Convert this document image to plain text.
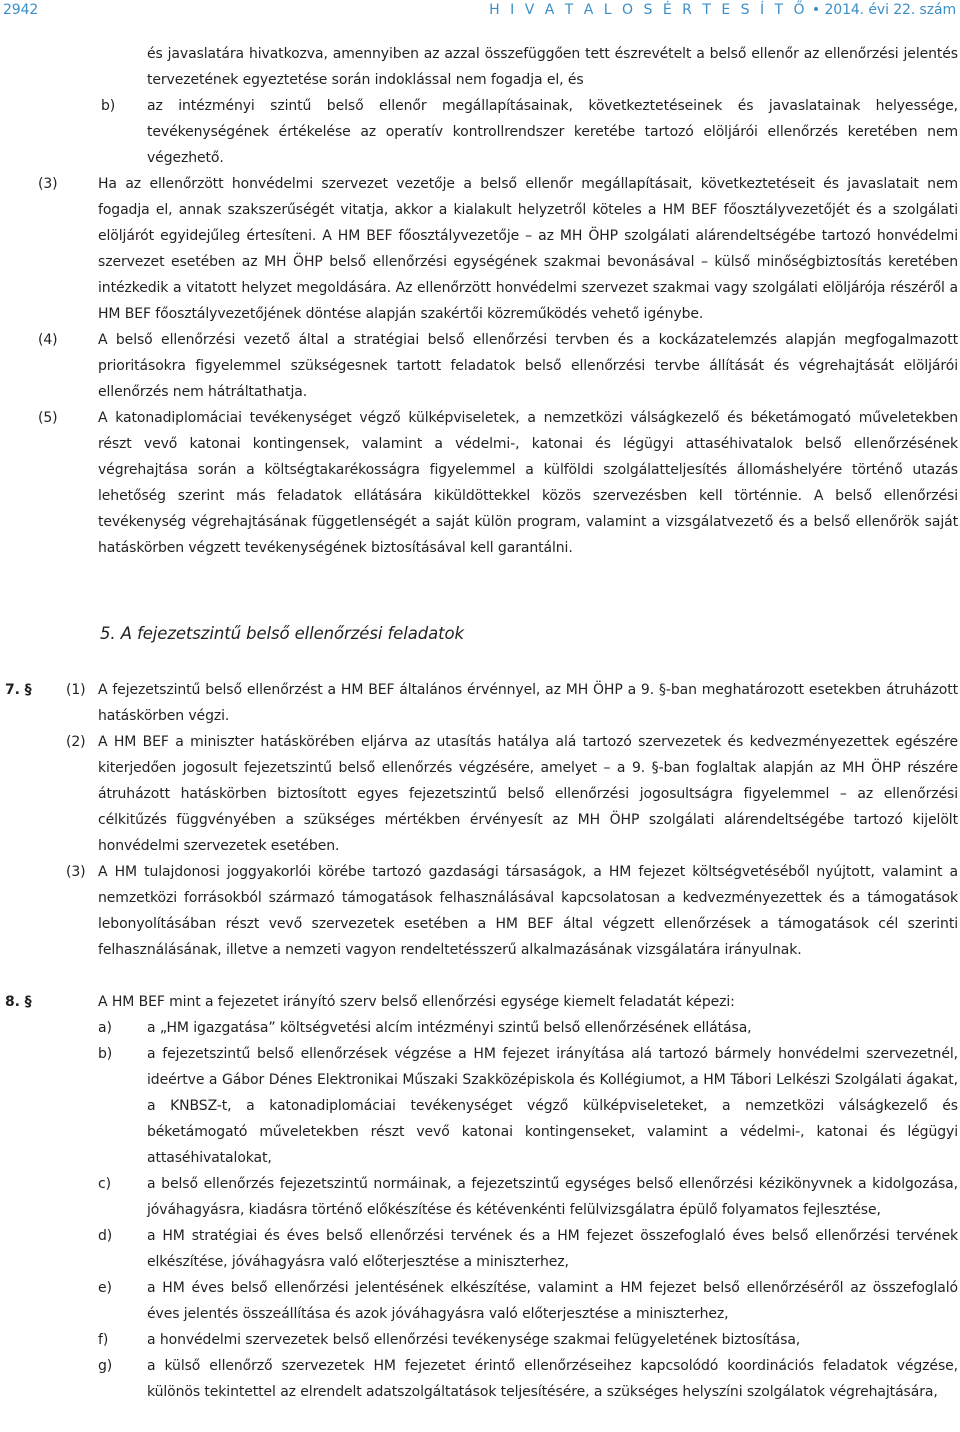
2942	H I V A T A L O S É R T E S Í T Ő • 2014. évi 22. szám
és javaslatára hivatkozva, amennyiben az azzal összefüggően tett észrevételt a belső ellenőr az ellenőrzési jelentés tervezetének egyeztetése során indoklással nem fogadja el, és
b) az intézményi szintű belső ellenőr megállapításainak, következtetéseinek és javaslatainak helyessége, tevékenységének értékelése az operatív kontrollrendszer keretébe tartozó elöljárói ellenőrzés keretében nem végezhető.
(3)	Ha az ellenőrzött honvédelmi szervezet vezetője a belső ellenőr megállapításait, következtetéseit és javaslatait nem fogadja el, annak szakszerűségét vitatja, akkor a kialakult helyzetről köteles a HM BEF főosztályvezetőjét és a szolgálati elöljárót egyidejűleg értesíteni. A HM BEF főosztályvezetője – az MH ÖHP szolgálati alárendeltségébe tartozó honvédelmi szervezet esetében az MH ÖHP belső ellenőrzési egységének szakmai bevonásával – külső minőségbiztosítás keretében intézkedik a vitatott helyzet megoldására. Az ellenőrzött honvédelmi szervezet szakmai vagy szolgálati elöljárója részéről a HM BEF főosztályvezetőjének döntése alapján szakértői közreműködés vehető igénybe.
(4)	A belső ellenőrzési vezető által a stratégiai belső ellenőrzési tervben és a kockázatelemzés alapján megfogalmazott prioritásokra figyelemmel szükségesnek tartott feladatok belső ellenőrzési tervbe állítását és végrehajtását elöljárói ellenőrzés nem hátráltathatja.
(5)	A katonadiplomáciai tevékenységet végző külképviseletek, a nemzetközi válságkezelő és béketámogató műveletekben részt vevő katonai kontingensek, valamint a védelmi-, katonai és légügyi attaséhivatalok belső ellenőrzésének végrehajtása során a költségtakarékosságra figyelemmel a külföldi szolgálatteljesítés állomáshelyére történő utazás lehetőség szerint más feladatok ellátására kiküldöttekkel közös szervezésben kell történnie. A belső ellenőrzési tevékenység végrehajtásának függetlenségét a saját külön program, valamint a vizsgálatvezető és a belső ellenőrök saját hatáskörben végzett tevékenységének biztosításával kell garantálni.
5. A fejezetszintű belső ellenőrzési feladatok
7. § (1) A fejezetszintű belső ellenőrzést a HM BEF általános érvénnyel, az MH ÖHP a 9. §-ban meghatározott esetekben átruházott hatáskörben végzi.
(2) A HM BEF a miniszter hatáskörében eljárva az utasítás hatálya alá tartozó szervezetek és kedvezményezettek egészére kiterjedően jogosult fejezetszintű belső ellenőrzés végzésére, amelyet – a 9. §-ban foglaltak alapján az MH ÖHP részére átruházott hatáskörben biztosított egyes fejezetszintű belső ellenőrzési jogosultságra figyelemmel – az ellenőrzési célkitűzés függvényében a szükséges mértékben érvényesít az MH ÖHP szolgálati alárendeltségébe tartozó kijelölt honvédelmi szervezetek esetében.
(3) A HM tulajdonosi joggyakorlói körébe tartozó gazdasági társaságok, a HM fejezet költségvetéséből nyújtott, valamint a nemzetközi forrásokból származó támogatások felhasználásával kapcsolatosan a kedvezményezettek és a támogatások lebonyolításában részt vevő szervezetek esetében a HM BEF által végzett ellenőrzések a támogatások cél szerinti felhasználásának, illetve a nemzeti vagyon rendeltetésszerű alkalmazásának vizsgálatára irányulnak.
8. §	A HM BEF mint a fejezetet irányító szerv belső ellenőrzési egysége kiemelt feladatát képezi:
a)	a „HM igazgatása” költségvetési alcím intézményi szintű belső ellenőrzésének ellátása,
b) a fejezetszintű belső ellenőrzések végzése a HM fejezet irányítása alá tartozó bármely honvédelmi szervezetnél, ideértve a Gábor Dénes Elektronikai Műszaki Szakközépiskola és Kollégiumot, a HM Tábori Lelkészi Szolgálati ágakat, a KNBSZ-t, a katonadiplomáciai tevékenységet végző külképviseleteket, a nemzetközi válságkezelő és béketámogató műveletekben részt vevő katonai kontingenseket, valamint a védelmi-, katonai és légügyi attaséhivatalokat,
c)	a belső ellenőrzés fejezetszintű normáinak, a fejezetszintű egységes belső ellenőrzési kézikönyvnek a kidolgozása, jóváhagyásra, kiadásra történő előkészítése és kétévenkénti felülvizsgálatra épülő folyamatos fejlesztése,
d) a HM stratégiai és éves belső ellenőrzési tervének és a HM fejezet összefoglaló éves belső ellenőrzési tervének elkészítése, jóváhagyásra való előterjesztése a miniszterhez,
e)	a HM éves belső ellenőrzési jelentésének elkészítése, valamint a HM fejezet belső ellenőrzéséről az összefoglaló éves jelentés összeállítása és azok jóváhagyásra való előterjesztése a miniszterhez,
f)	a honvédelmi szervezetek belső ellenőrzési tevékenysége szakmai felügyeletének biztosítása,
g) a külső ellenőrző szervezetek HM fejezetet érintő ellenőrzéseihez kapcsolódó koordinációs feladatok végzése, különös tekintettel az elrendelt adatszolgáltatások teljesítésére, a szükséges helyszíni szolgálatok végrehajtására,
